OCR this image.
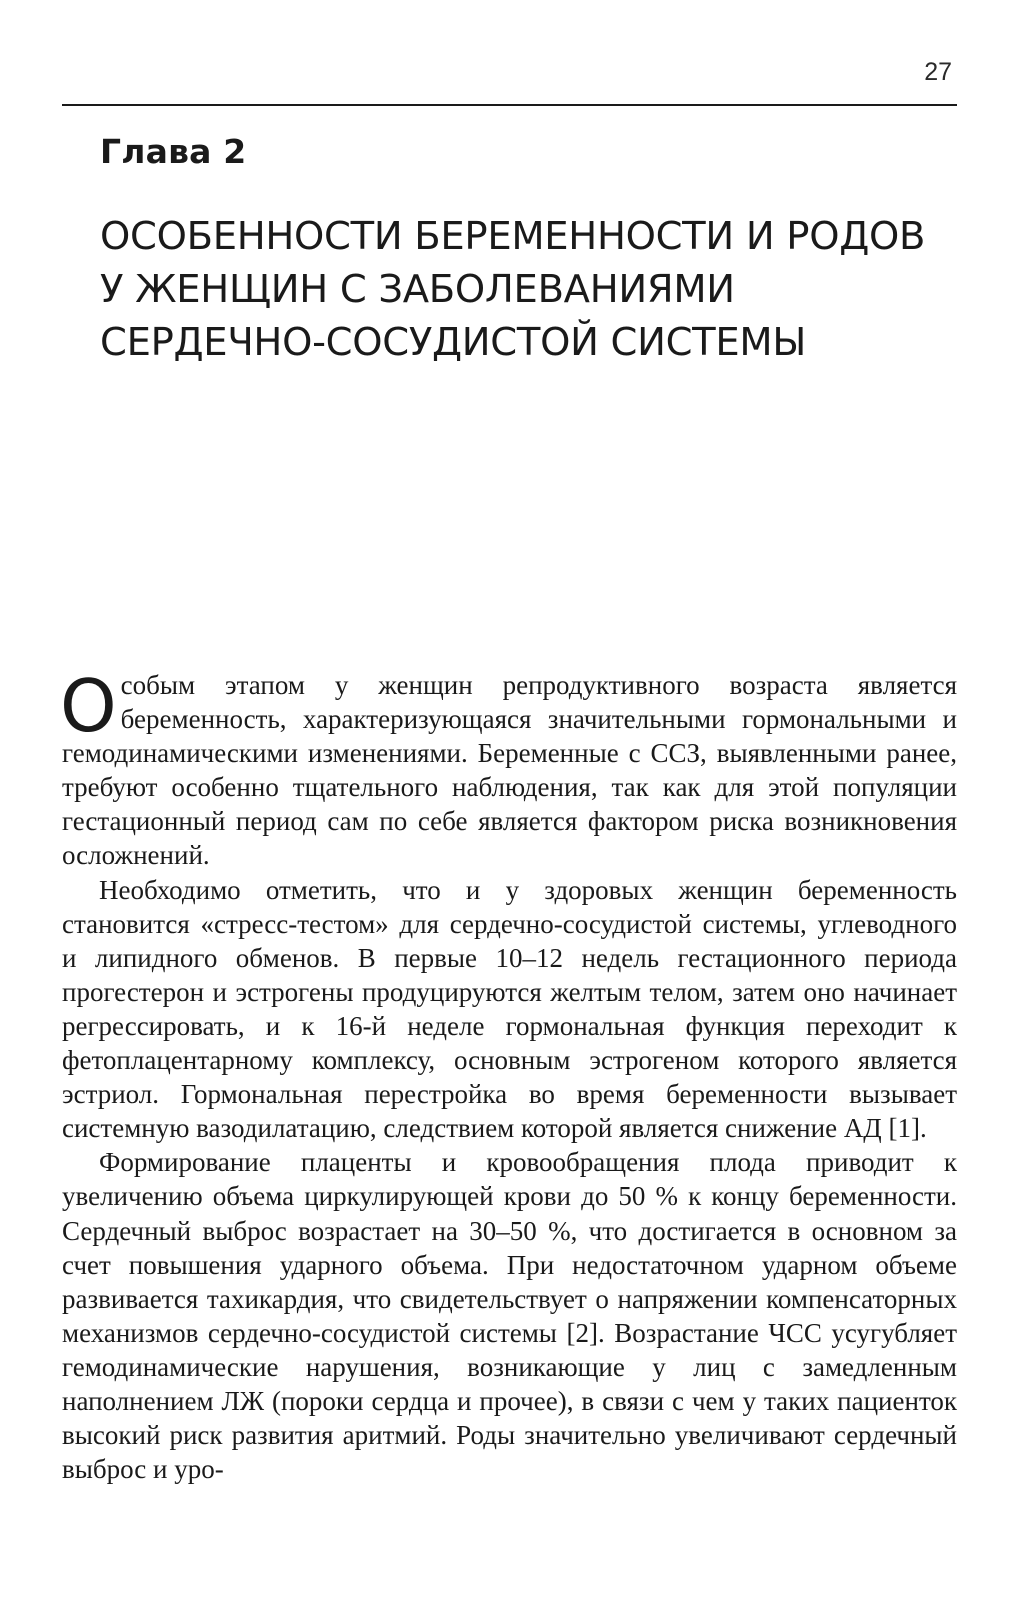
27
Глава 2
ОСОБЕННОСТИ БЕРЕМЕННОСТИ И РОДОВ
У ЖЕНЩИН С ЗАБОЛЕВАНИЯМИ
СЕРДЕЧНО-СОСУДИСТОЙ СИСТЕМЫ

Особым этапом у женщин репродуктивного возраста является беременность, характеризующаяся значительными гормональными и гемодинамическими изменениями. Беременные с ССЗ, выявленными ранее, требуют особенно тщательного наблюдения, так как для этой популяции гестационный период сам по себе является фактором риска возникновения осложнений.

Необходимо отметить, что и у здоровых женщин беременность становится «стресс-тестом» для сердечно-сосудистой системы, углеводного и липидного обменов. В первые 10–12 недель гестационного периода прогестерон и эстрогены продуцируются желтым телом, затем оно начинает регрессировать, и к 16-й неделе гормональная функция переходит к фетоплацентарному комплексу, основным эстрогеном которого является эстриол. Гормональная перестройка во время беременности вызывает системную вазодилатацию, следствием которой является снижение АД [1].

Формирование плаценты и кровообращения плода приводит к увеличению объема циркулирующей крови до 50 % к концу беременности. Сердечный выброс возрастает на 30–50 %, что достигается в основном за счет повышения ударного объема. При недостаточном ударном объеме развивается тахикардия, что свидетельствует о напряжении компенсаторных механизмов сердечно-сосудистой системы [2]. Возрастание ЧСС усугубляет гемодинамические нарушения, возникающие у лиц с замедленным наполнением ЛЖ (пороки сердца и прочее), в связи с чем у таких пациенток высокий риск развития аритмий. Роды значительно увеличивают сердечный выброс и уро-
